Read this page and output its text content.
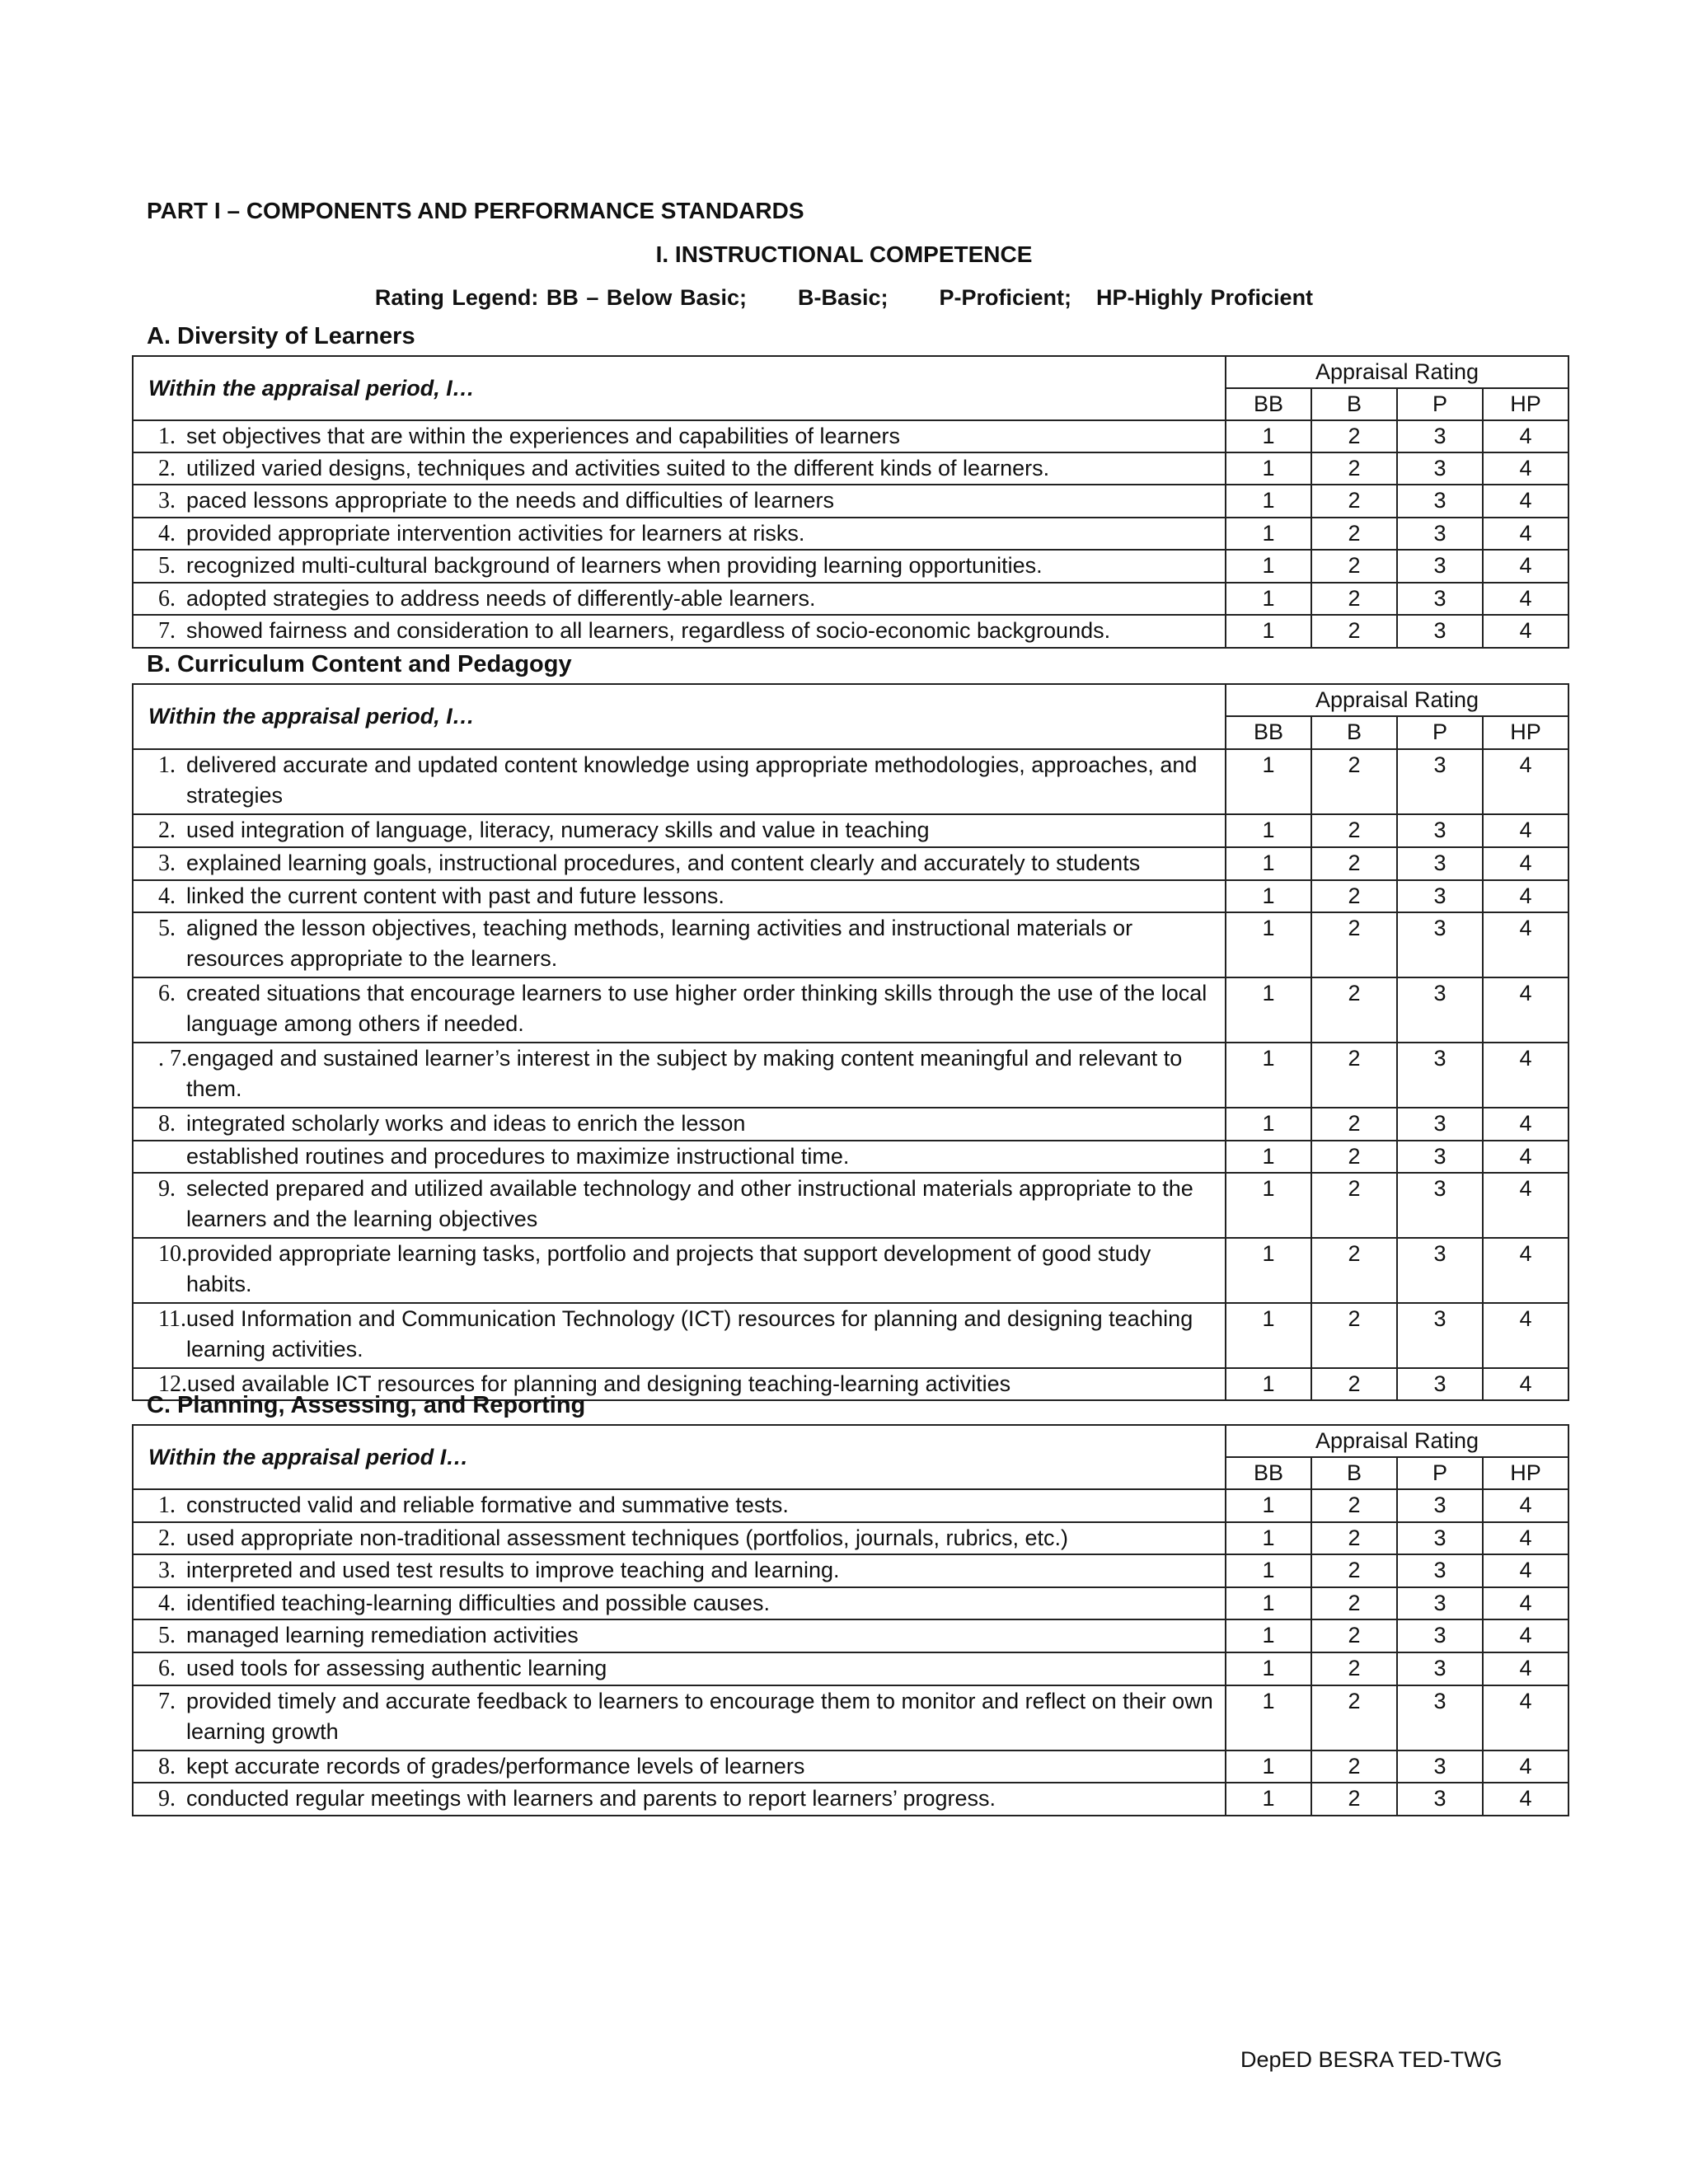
PART I – COMPONENTS AND PERFORMANCE STANDARDS
I. INSTRUCTIONAL COMPETENCE
Rating Legend: BB – Below Basic; B-Basic; P-Proficient; HP-Highly Proficient
A. Diversity of Learners
Within the appraisal period, I…	Appraisal Rating			
	BB	B	P	HP

1. set objectives that are within the experiences and capabilities of learners	1	2	3	4

2. utilized varied designs, techniques and activities suited to the different kinds of learners.	1	2	3	4

3. paced lessons appropriate to the needs and difficulties of learners	1	2	3	4

4. provided appropriate intervention activities for learners at risks.	1	2	3	4

5. recognized multi-cultural background of learners when providing learning opportunities.	1	2	3	4

6. adopted strategies to address needs of differently-able learners.	1	2	3	4

7. showed fairness and consideration to all learners, regardless of socio-economic backgrounds.	1	2	3	4
B. Curriculum Content and Pedagogy
Within the appraisal period, I…	Appraisal Rating			
	BB	B	P	HP

1. delivered accurate and updated content knowledge using appropriate methodologies, approaches, and strategies	1	2	3	4

2. used integration of language, literacy, numeracy skills and value in teaching	1	2	3	4

3. explained learning goals, instructional procedures, and content clearly and accurately to students	1	2	3	4

4. linked the current content with past and future lessons.	1	2	3	4

5. aligned the lesson objectives, teaching methods, learning activities and instructional materials or resources appropriate to the learners.	1	2	3	4

6. created situations that encourage learners to use higher order thinking skills through the use of the local language among others if needed.	1	2	3	4

. 7.engaged and sustained learner’s interest in the subject by making content meaningful and relevant to them.	1	2	3	4

8. integrated scholarly works and ideas to enrich the lesson	1	2	3	4

established routines and procedures to maximize instructional time.	1	2	3	4

9. selected prepared and utilized available technology and other instructional materials appropriate to the learners and the learning objectives	1	2	3	4

10.provided appropriate learning tasks, portfolio and projects that support development of good study habits.	1	2	3	4

11.used Information and Communication Technology (ICT) resources for planning and designing teaching learning activities.	1	2	3	4

12.used available ICT resources for planning and designing teaching-learning activities	1	2	3	4
C. Planning, Assessing, and Reporting
Within the appraisal period I…	Appraisal Rating			
	BB	B	P	HP

1. constructed valid and reliable formative and summative tests.	1	2	3	4

2. used appropriate non-traditional assessment techniques (portfolios, journals, rubrics, etc.)	1	2	3	4

3. interpreted and used test results to improve teaching and learning.	1	2	3	4

4. identified teaching-learning difficulties and possible causes.	1	2	3	4

5. managed learning remediation activities	1	2	3	4

6. used tools for assessing authentic learning	1	2	3	4

7. provided timely and accurate feedback to learners to encourage them to monitor and reflect on their own learning growth	1	2	3	4

8. kept accurate records of grades/performance levels of learners	1	2	3	4

9. conducted regular meetings with learners and parents to report learners’ progress.	1	2	3	4
DepED BESRA TED-TWG
